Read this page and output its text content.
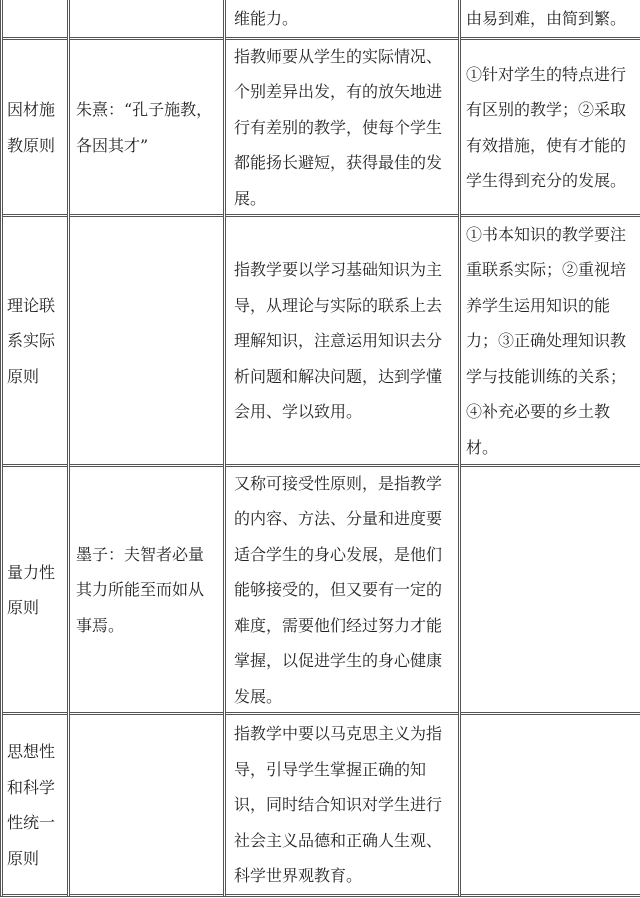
维能力。	由易到难，由简到繁。
因材施
教原则
朱熹：“孔子施教，
各因其才”
指教师要从学生的实际情况、
个别差异出发，有的放矢地进
行有差别的教学，使每个学生
都能扬长避短，获得最佳的发
展。
①针对学生的特点进行
有区别的教学；②采取
有效措施，使有才能的
学生得到充分的发展。
理论联
系实际
原则
指教学要以学习基础知识为主
导，从理论与实际的联系上去
理解知识，注意运用知识去分
析问题和解决问题，达到学懂
会用、学以致用。
①书本知识的教学要注
重联系实际；②重视培
养学生运用知识的能
力；③正确处理知识教
学与技能训练的关系；
④补充必要的乡土教
材。
量力性
原则
墨子：夫智者必量
其力所能至而如从
事焉。
又称可接受性原则，是指教学
的内容、方法、分量和进度要
适合学生的身心发展，是他们
能够接受的，但又要有一定的
难度，需要他们经过努力才能
掌握，以促进学生的身心健康
发展。
思想性
和科学
性统一
原则
指教学中要以马克思主义为指
导，引导学生掌握正确的知
识，同时结合知识对学生进行
社会主义品德和正确人生观、
科学世界观教育。
